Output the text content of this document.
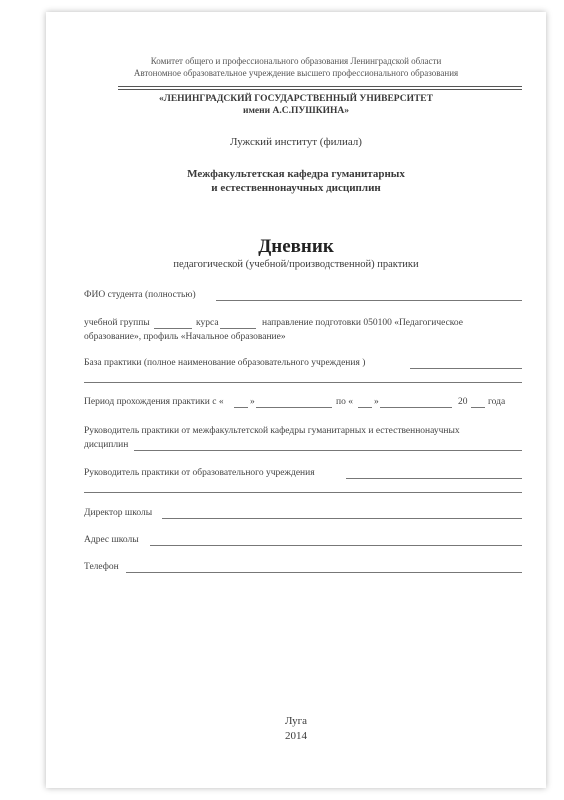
Комитет общего и профессионального образования Ленинградской области
Автономное образовательное учреждение высшего профессионального образования
«ЛЕНИНГРАДСКИЙ ГОСУДАРСТВЕННЫЙ УНИВЕРСИТЕТ
имени А.С.ПУШКИНА»
Лужский институт (филиал)
Межфакультетская кафедра гуманитарных
и естественнонаучных дисциплин
Дневник
педагогической (учебной/производственной) практики
ФИО студента (полностью)
учебной группы	курса	направление подготовки 050100 «Педагогическое
образование», профиль «Начальное образование»
База практики (полное наименование образовательного учреждения )
Период прохождения практики с «	»	по « »	20 года
Руководитель практики от межфакультетской кафедры гуманитарных и естественнонаучных
дисциплин
Руководитель практики от образовательного учреждения
Директор школы
Адрес школы
Телефон
Луга
2014
